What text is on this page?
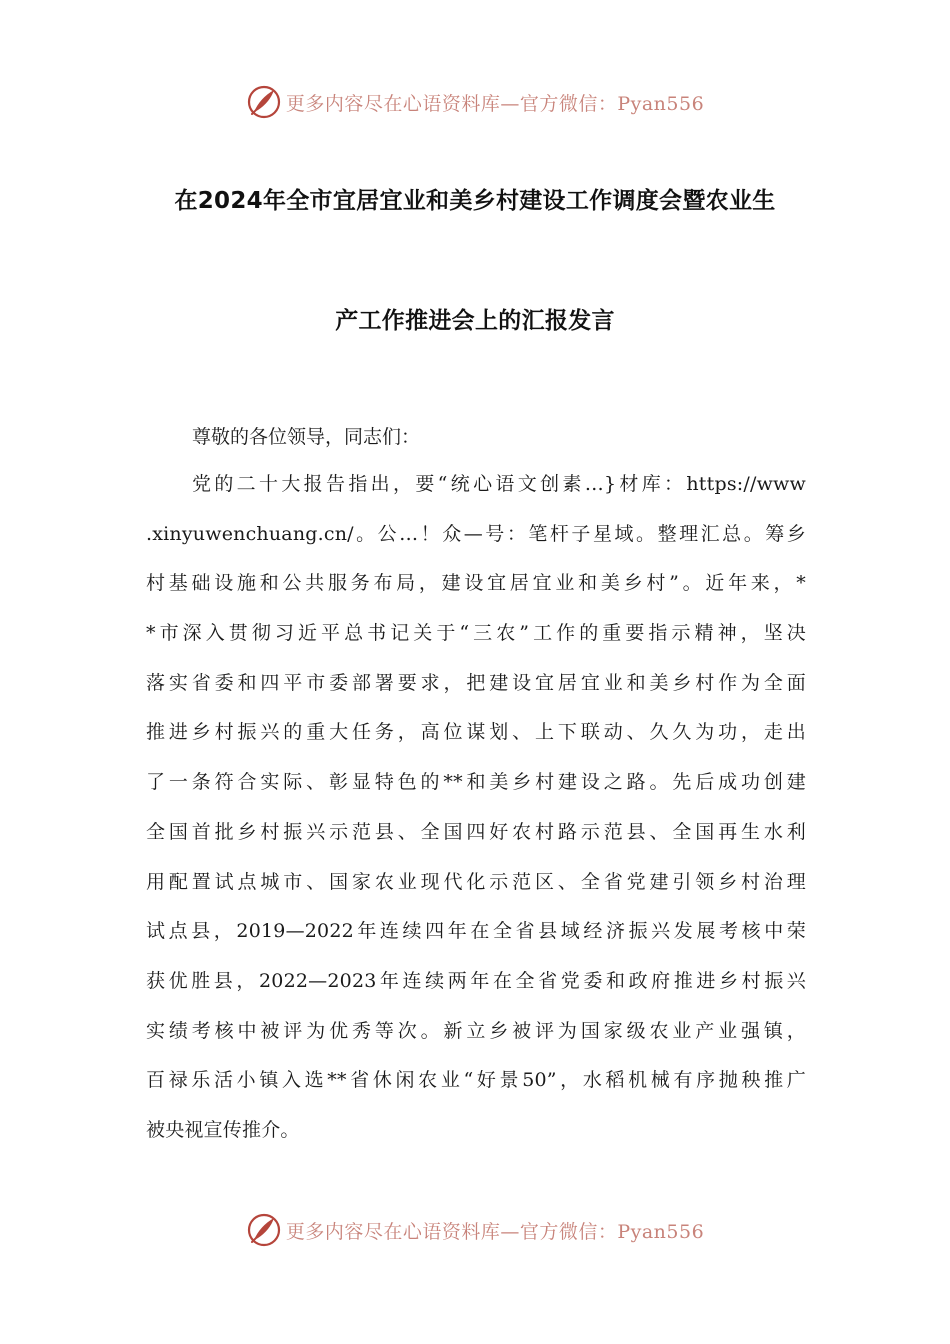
更多内容尽在心语资料库—官方微信：Pyan556
在2024年全市宜居宜业和美乡村建设工作调度会暨农业生
产工作推进会上的汇报发言
尊敬的各位领导，同志们：
党的二十大报告指出，要“统心语文创素…}材库：https://www
.xinyuwenchuang.cn/。公…！众—号：笔杆子星域。整理汇总。筹乡
村基础设施和公共服务布局，建设宜居宜业和美乡村”。近年来，*
*市深入贯彻习近平总书记关于“三农”工作的重要指示精神，坚决
落实省委和四平市委部署要求，把建设宜居宜业和美乡村作为全面
推进乡村振兴的重大任务，高位谋划、上下联动、久久为功，走出
了一条符合实际、彰显特色的**和美乡村建设之路。先后成功创建
全国首批乡村振兴示范县、全国四好农村路示范县、全国再生水利
用配置试点城市、国家农业现代化示范区、全省党建引领乡村治理
试点县，2019—2022年连续四年在全省县域经济振兴发展考核中荣
获优胜县，2022—2023年连续两年在全省党委和政府推进乡村振兴
实绩考核中被评为优秀等次。新立乡被评为国家级农业产业强镇，
百禄乐活小镇入选**省休闲农业“好景50”，水稻机械有序抛秧推广
被央视宣传推介。
更多内容尽在心语资料库—官方微信：Pyan556
